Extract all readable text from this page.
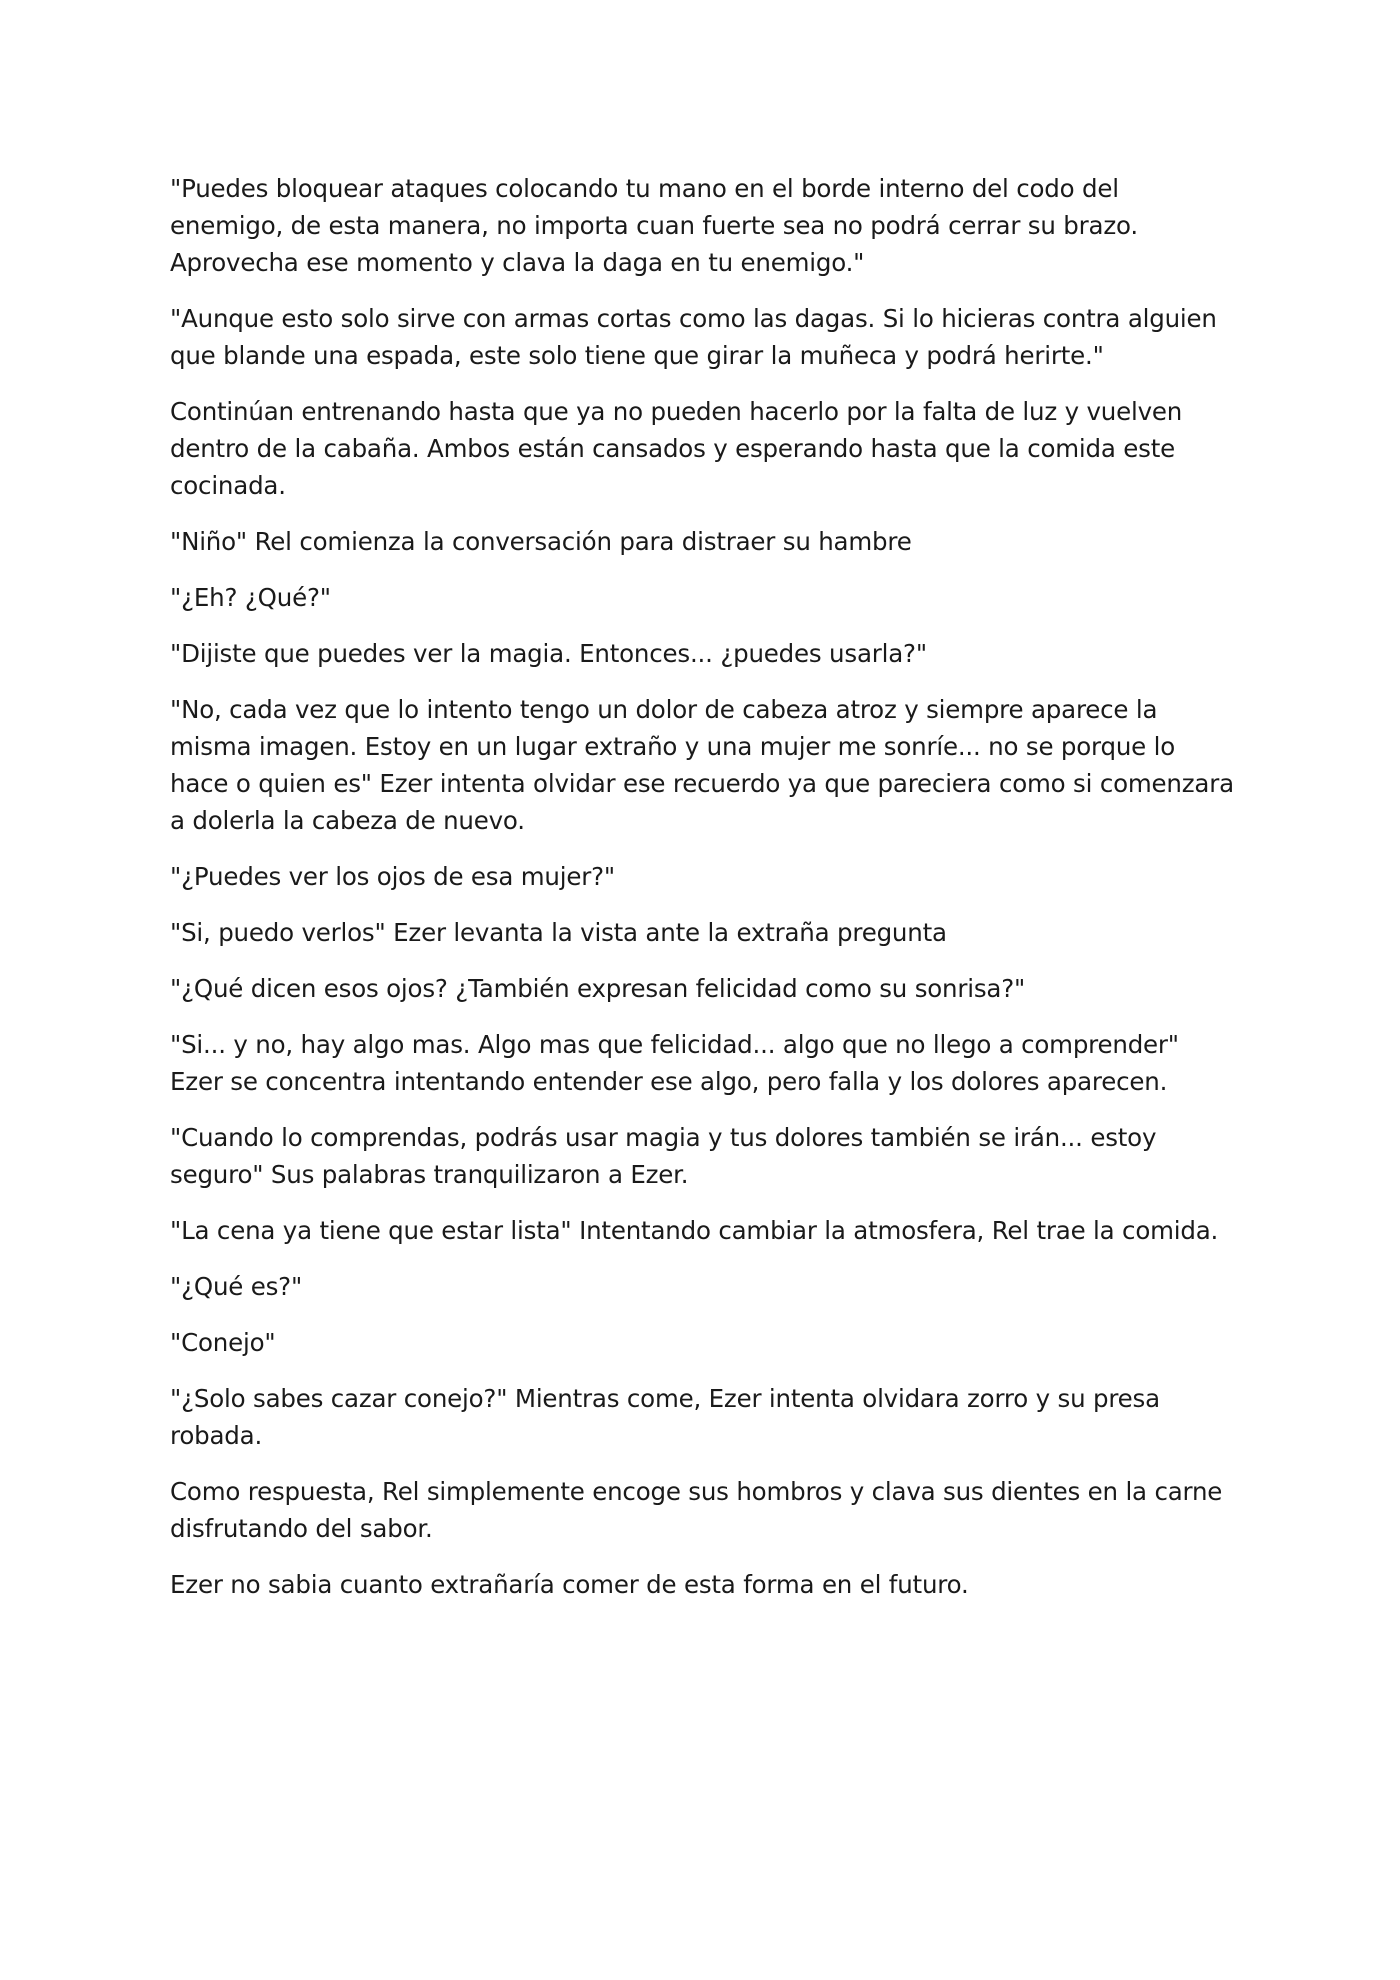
"Puedes bloquear ataques colocando tu mano en el borde interno del codo del enemigo, de esta manera, no importa cuan fuerte sea no podrá cerrar su brazo. Aprovecha ese momento y clava la daga en tu enemigo."

"Aunque esto solo sirve con armas cortas como las dagas. Si lo hicieras contra alguien que blande una espada, este solo tiene que girar la muñeca y podrá herirte."

Continúan entrenando hasta que ya no pueden hacerlo por la falta de luz y vuelven dentro de la cabaña. Ambos están cansados y esperando hasta que la comida este cocinada.

"Niño" Rel comienza la conversación para distraer su hambre

"¿Eh? ¿Qué?"

"Dijiste que puedes ver la magia. Entonces... ¿puedes usarla?"

"No, cada vez que lo intento tengo un dolor de cabeza atroz y siempre aparece la misma imagen. Estoy en un lugar extraño y una mujer me sonríe... no se porque lo hace o quien es" Ezer intenta olvidar ese recuerdo ya que pareciera como si comenzara a dolerla la cabeza de nuevo.

"¿Puedes ver los ojos de esa mujer?"

"Si, puedo verlos" Ezer levanta la vista ante la extraña pregunta

"¿Qué dicen esos ojos? ¿También expresan felicidad como su sonrisa?"

"Si... y no, hay algo mas. Algo mas que felicidad... algo que no llego a comprender" Ezer se concentra intentando entender ese algo, pero falla y los dolores aparecen.

"Cuando lo comprendas, podrás usar magia y tus dolores también se irán... estoy seguro" Sus palabras tranquilizaron a Ezer.

"La cena ya tiene que estar lista" Intentando cambiar la atmosfera, Rel trae la comida.

"¿Qué es?"

"Conejo"

"¿Solo sabes cazar conejo?" Mientras come, Ezer intenta olvidara zorro y su presa robada.

Como respuesta, Rel simplemente encoge sus hombros y clava sus dientes en la carne disfrutando del sabor.

Ezer no sabia cuanto extrañaría comer de esta forma en el futuro.
